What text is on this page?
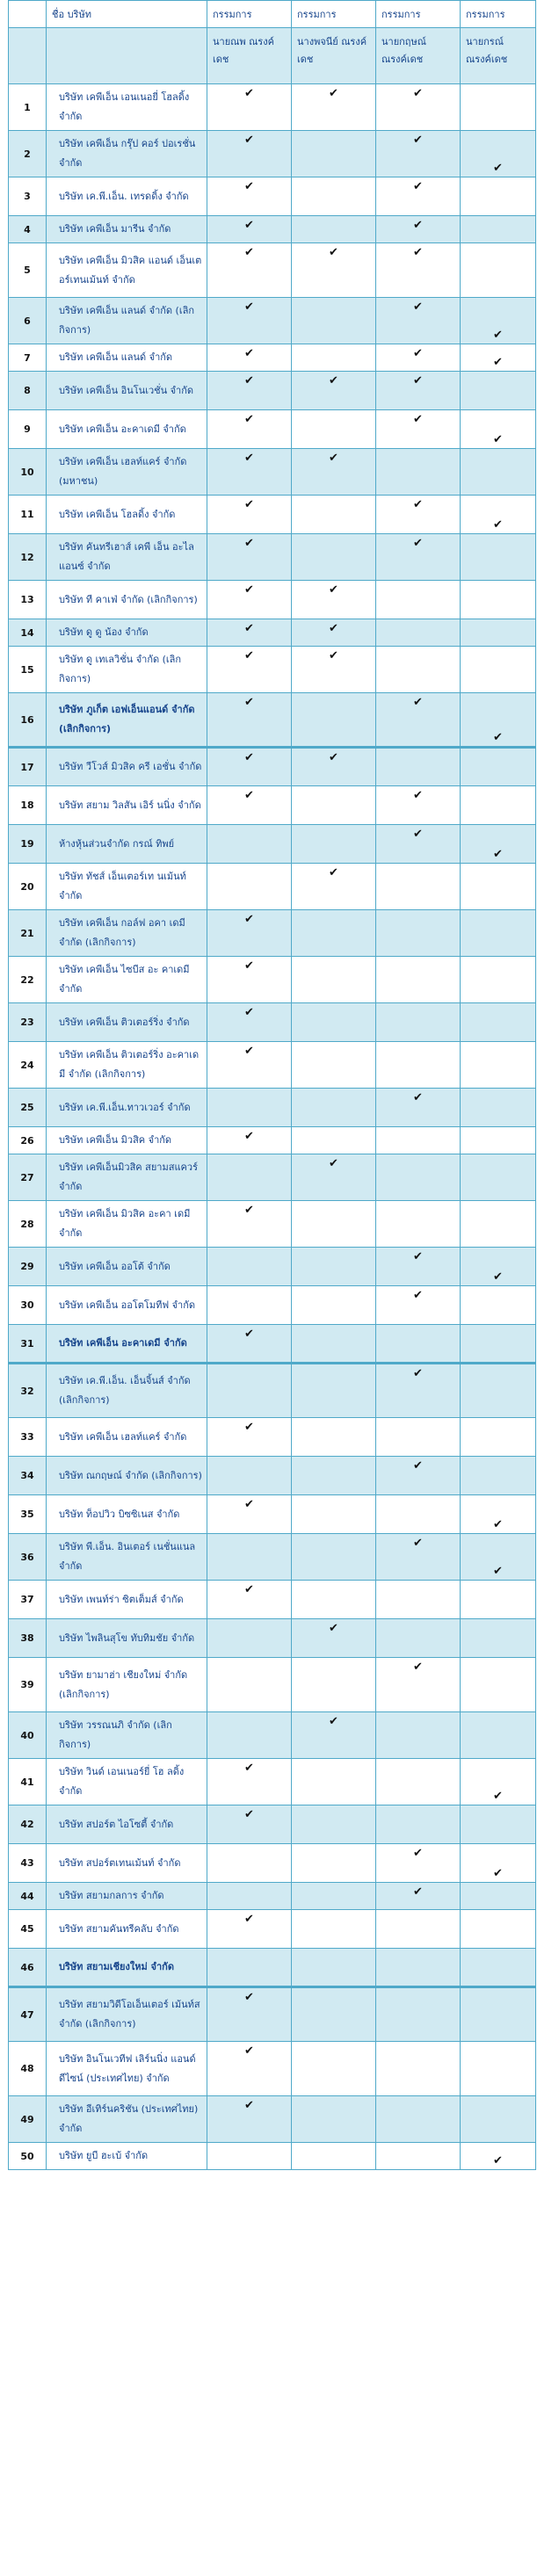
	ชื่อ บริษัท	กรรมการ	กรรมการ	กรรมการ	กรรมการ
		นายณพ ณรงค์เดช	นางพจนีย์ ณรงค์เดช	นายกฤษณ์ ณรงค์เดช	นายกรณ์ ณรงค์เดช
1	บริษัท เคพีเอ็น เอนเนอยี่ โฮลดิ้ง จำกัด	✔	✔	✔	
2	บริษัท เคพีเอ็น กรุ๊ป คอร์ ปอเรชั่น จำกัด	✔		✔	✔
3	บริษัท เค.พี.เอ็น. เทรดดิ้ง จำกัด	✔		✔	
4	บริษัท เคพีเอ็น มารีน จำกัด	✔		✔	
5	บริษัท เคพีเอ็น มิวสิค แอนด์ เอ็นเตอร์เทนเม้นท์ จำกัด	✔	✔	✔	
6	บริษัท เคพีเอ็น แลนด์ จำกัด (เลิกกิจการ)	✔		✔	✔
7	บริษัท เคพีเอ็น แลนด์ จำกัด	✔		✔	✔
8	บริษัท เคพีเอ็น อินโนเวชั่น จำกัด	✔	✔	✔	
9	บริษัท เคพีเอ็น อะคาเดมี จำกัด	✔		✔	✔
10	บริษัท เคพีเอ็น เฮลท์แคร์ จำกัด (มหาชน)	✔	✔		
11	บริษัท เคพีเอ็น โฮลดิ้ง จำกัด	✔		✔	✔
12	บริษัท คันทรีเฮาส์ เคพี เอ็น อะไลแอนซ์ จำกัด	✔		✔	
13	บริษัท ที คาเฟ่ จำกัด (เลิกกิจการ)	✔	✔		
14	บริษัท ดู ดู น้อง จำกัด	✔	✔		
15	บริษัท ดู เทเลวิชั่น จำกัด (เลิกกิจการ)	✔	✔		
16	บริษัท ภูเก็ต เอฟเอ็นแอนด์ จำกัด (เลิกกิจการ)	✔		✔	✔
17	บริษัท วีโวส์ มิวสิค ครี เอชั่น จำกัด	✔	✔		
18	บริษัท สยาม วิลสัน เอิร์ นนิ่ง จำกัด	✔		✔	
19	ห้างหุ้นส่วนจำกัด กรณ์ ทิพย์			✔	✔
20	บริษัท ทัชส์ เอ็นเตอร์เท นเม้นท์ จำกัด		✔		
21	บริษัท เคพีเอ็น กอล์ฟ อคา เดมี จำกัด (เลิกกิจการ)	✔			
22	บริษัท เคพีเอ็น ไซบีส อะ คาเดมี จำกัด	✔			
23	บริษัท เคพีเอ็น ติวเตอร์ริ่ง จำกัด	✔			
24	บริษัท เคพีเอ็น ติวเตอร์ริ่ง อะคาเดมี จำกัด (เลิกกิจการ)	✔			
25	บริษัท เค.พี.เอ็น.ทาวเวอร์ จำกัด			✔	
26	บริษัท เคพีเอ็น มิวสิค จำกัด	✔			
27	บริษัท เคพีเอ็นมิวสิค สยามสแควร์ จำกัด		✔		
28	บริษัท เคพีเอ็น มิวสิค อะคา เดมี จำกัด	✔			
29	บริษัท เคพีเอ็น ออโต้ จำกัด			✔	✔
30	บริษัท เคพีเอ็น ออโตโมทีฟ จำกัด			✔	
31	บริษัท เคพีเอ็น อะคาเดมี จำกัด	✔			
32	บริษัท เค.พี.เอ็น. เอ็นจิ้นส์ จำกัด (เลิกกิจการ)			✔	
33	บริษัท เคพีเอ็น เฮลท์แคร์ จำกัด	✔			
34	บริษัท ณกฤษณ์ จำกัด (เลิกกิจการ)			✔	
35	บริษัท ท็อปวิว บิซซิเนส จำกัด	✔			✔
36	บริษัท พี.เอ็น. อินเตอร์ เนชั่นแนล จำกัด			✔	✔
37	บริษัท เพนท์ร่า ซิตเต็มส์ จำกัด	✔			
38	บริษัท ไพลินสุโข ทับทิมชัย จำกัด		✔		
39	บริษัท ยามาฮ่า เชียงใหม่ จำกัด (เลิกกิจการ)			✔	
40	บริษัท วรรณนภิ จำกัด (เลิกกิจการ)		✔		
41	บริษัท วินด์ เอนเนอร์ยี่ โฮ ลดิ้ง จำกัด	✔			✔
42	บริษัท สปอร์ต ไอโซตี้ จำกัด	✔			
43	บริษัท สปอร์ตเทนเม้นท์ จำกัด			✔	✔
44	บริษัท สยามกลการ จำกัด			✔	
45	บริษัท สยามคันทรีคลับ จำกัด	✔			
46	บริษัท สยามเชียงใหม่ จำกัด				
47	บริษัท สยามวิดีโอเอ็นเตอร์ เม้นท์ส จำกัด (เลิกกิจการ)	✔			
48	บริษัท อินโนเวทีฟ เลิร์นนิ่ง แอนด์ ดีไซน์ (ประเทศไทย) จำกัด	✔			
49	บริษัท อีเทิร์นคริชัน (ประเทศไทย) จำกัด	✔			
50	บริษัท ยูบี ฮะเบ้ จำกัด				✔
